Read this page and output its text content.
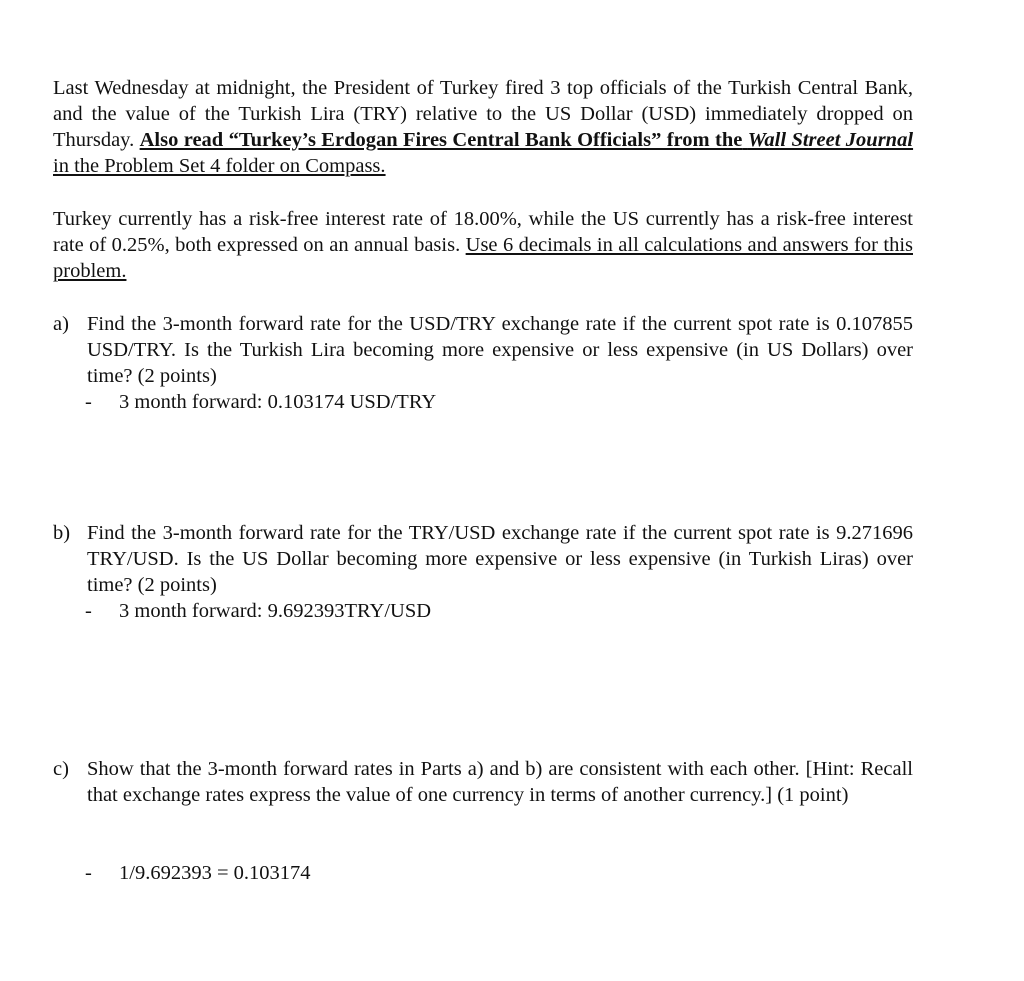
Last Wednesday at midnight, the President of Turkey fired 3 top officials of the Turkish Central Bank, and the value of the Turkish Lira (TRY) relative to the US Dollar (USD) immediately dropped on Thursday. Also read “Turkey’s Erdogan Fires Central Bank Officials” from the Wall Street Journal in the Problem Set 4 folder on Compass.
Turkey currently has a risk-free interest rate of 18.00%, while the US currently has a risk-free interest rate of 0.25%, both expressed on an annual basis. Use 6 decimals in all calculations and answers for this problem.
a) Find the 3-month forward rate for the USD/TRY exchange rate if the current spot rate is 0.107855 USD/TRY. Is the Turkish Lira becoming more expensive or less expensive (in US Dollars) over time? (2 points)
- 3 month forward: 0.103174 USD/TRY
b) Find the 3-month forward rate for the TRY/USD exchange rate if the current spot rate is 9.271696 TRY/USD. Is the US Dollar becoming more expensive or less expensive (in Turkish Liras) over time? (2 points)
- 3 month forward: 9.692393TRY/USD
c) Show that the 3-month forward rates in Parts a) and b) are consistent with each other. [Hint: Recall that exchange rates express the value of one currency in terms of another currency.] (1 point)
- 1/9.692393 = 0.103174
